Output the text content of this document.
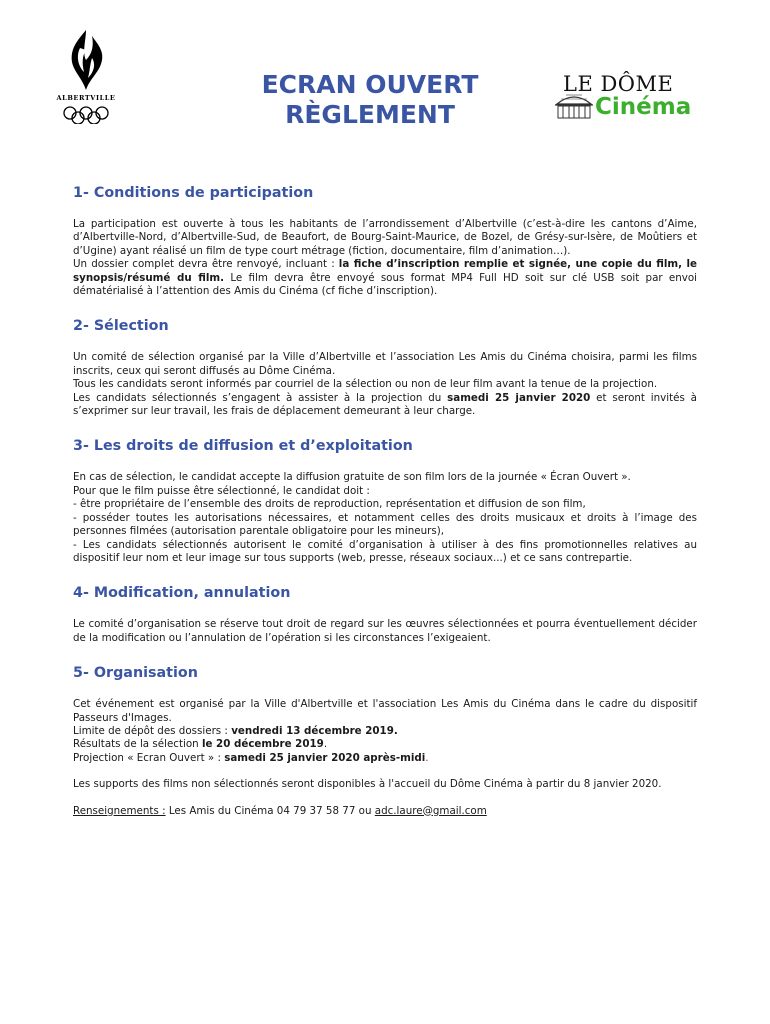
ALBERTVILLE	ECRAN OUVERT
RÈGLEMENT
LE DÔME
Cinéma
1- Conditions de participation

La participation est ouverte à tous les habitants de l’arrondissement d’Albertville (c’est-à-dire les cantons d’Aime, d’Albertville-Nord, d’Albertville-Sud, de Beaufort, de Bourg-Saint-Maurice, de Bozel, de Grésy-sur-Isère, de Moûtiers et d’Ugine) ayant réalisé un film de type court métrage (fiction, documentaire, film d’animation…).

Un dossier complet devra être renvoyé, incluant : la fiche d’inscription remplie et signée, une copie du film, le synopsis/résumé du film. Le film devra être envoyé sous format MP4 Full HD soit sur clé USB soit par envoi dématérialisé à l’attention des Amis du Cinéma (cf fiche d’inscription).

2- Sélection

Un comité de sélection organisé par la Ville d’Albertville et l’association Les Amis du Cinéma choisira, parmi les films inscrits, ceux qui seront diffusés au Dôme Cinéma.

Tous les candidats seront informés par courriel de la sélection ou non de leur film avant la tenue de la projection.

Les candidats sélectionnés s’engagent à assister à la projection du samedi 25 janvier 2020 et seront invités à s’exprimer sur leur travail, les frais de déplacement demeurant à leur charge.

3- Les droits de diffusion et d’exploitation

En cas de sélection, le candidat accepte la diffusion gratuite de son film lors de la journée « Écran Ouvert ».

Pour que le film puisse être sélectionné, le candidat doit :

- être propriétaire de l’ensemble des droits de reproduction, représentation et diffusion de son film,

- posséder toutes les autorisations nécessaires, et notamment celles des droits musicaux et droits à l’image des personnes filmées (autorisation parentale obligatoire pour les mineurs),

- Les candidats sélectionnés autorisent le comité d’organisation à utiliser à des fins promotionnelles relatives au dispositif leur nom et leur image sur tous supports (web, presse, réseaux sociaux...) et ce sans contrepartie.

4- Modification, annulation

Le comité d’organisation se réserve tout droit de regard sur les œuvres sélectionnées et pourra éventuellement décider de la modification ou l’annulation de l’opération si les circonstances l’exigeaient.

5- Organisation

Cet événement est organisé par la Ville d'Albertville et l'association Les Amis du Cinéma dans le cadre du dispositif Passeurs d'Images.

Limite de dépôt des dossiers : vendredi 13 décembre 2019.

Résultats de la sélection le 20 décembre 2019.

Projection « Ecran Ouvert » : samedi 25 janvier 2020 après-midi.

Les supports des films non sélectionnés seront disponibles à l'accueil du Dôme Cinéma à partir du 8 janvier 2020.

Renseignements : Les Amis du Cinéma 04 79 37 58 77 ou adc.laure@gmail.com
